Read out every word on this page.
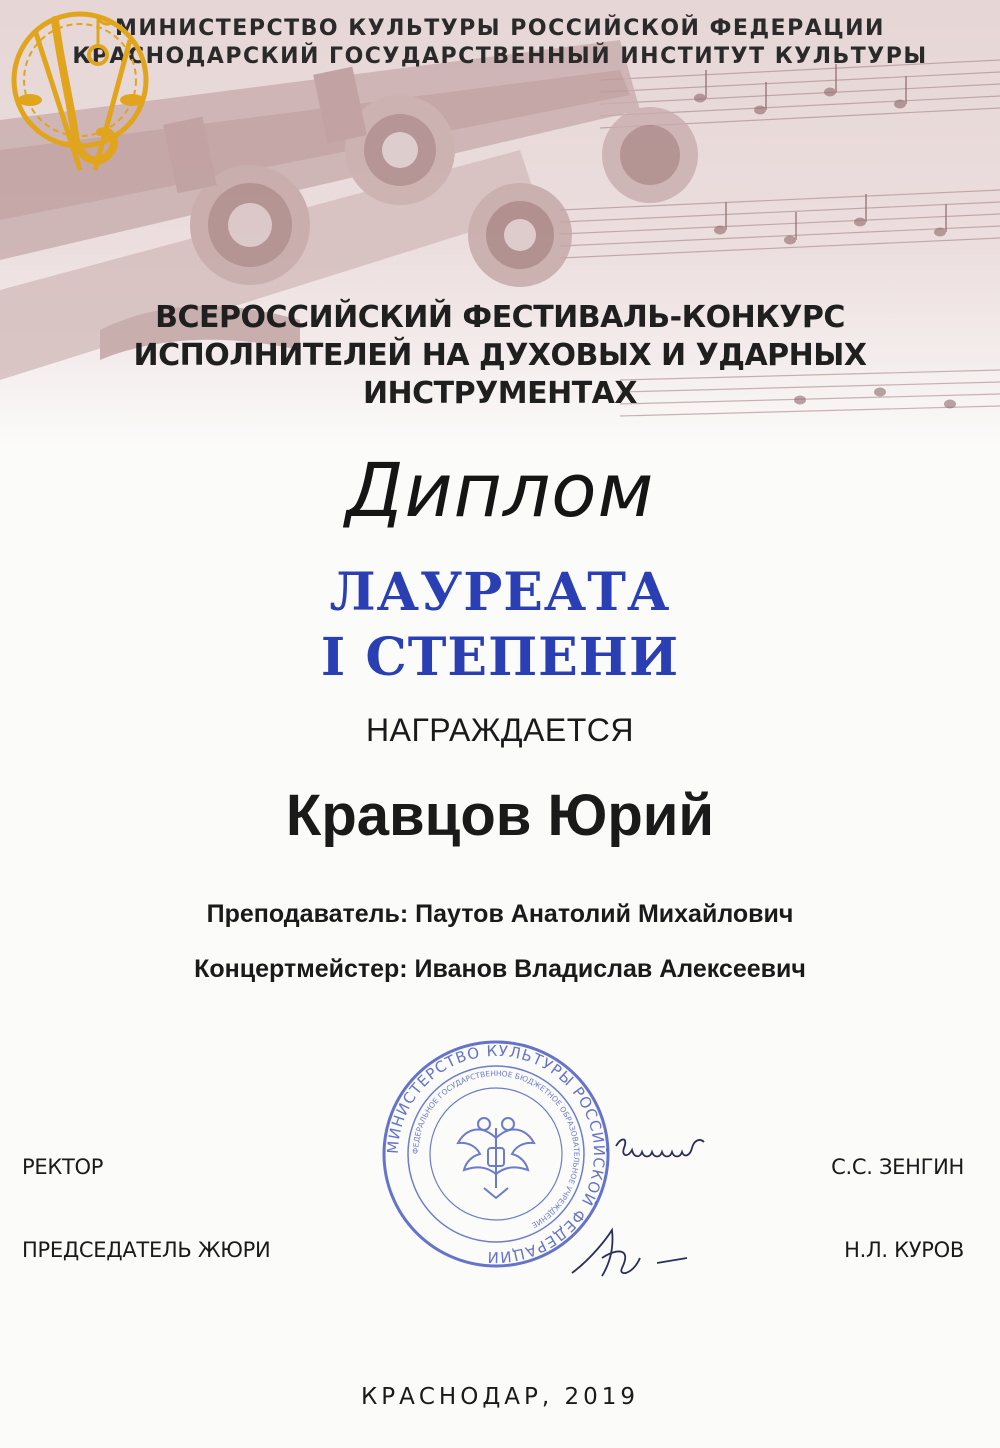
МИНИСТЕРСТВО КУЛЬТУРЫ РОССИЙСКОЙ ФЕДЕРАЦИИ
КРАСНОДАРСКИЙ ГОСУДАРСТВЕННЫЙ ИНСТИТУТ КУЛЬТУРЫ
ВСЕРОССИЙСКИЙ ФЕСТИВАЛЬ-КОНКУРС
ИСПОЛНИТЕЛЕЙ НА ДУХОВЫХ И УДАРНЫХ
ИНСТРУМЕНТАХ
Диплом
ЛАУРЕАТА
I СТЕПЕНИ
НАГРАЖДАЕТСЯ
Кравцов Юрий
Преподаватель: Паутов Анатолий Михайлович
Концертмейстер: Иванов Владислав Алексеевич
МИНИСТЕРСТВО КУЛЬТУРЫ РОССИЙСКОЙ ФЕДЕРАЦИИ
ФЕДЕРАЛЬНОЕ ГОСУДАРСТВЕННОЕ БЮДЖЕТНОЕ ОБРАЗОВАТЕЛЬНОЕ УЧРЕЖДЕНИЕ
РЕКТОР	С.С. ЗЕНГИН
ПРЕДСЕДАТЕЛЬ ЖЮРИ	Н.Л. КУРОВ
КРАСНОДАР, 2019
